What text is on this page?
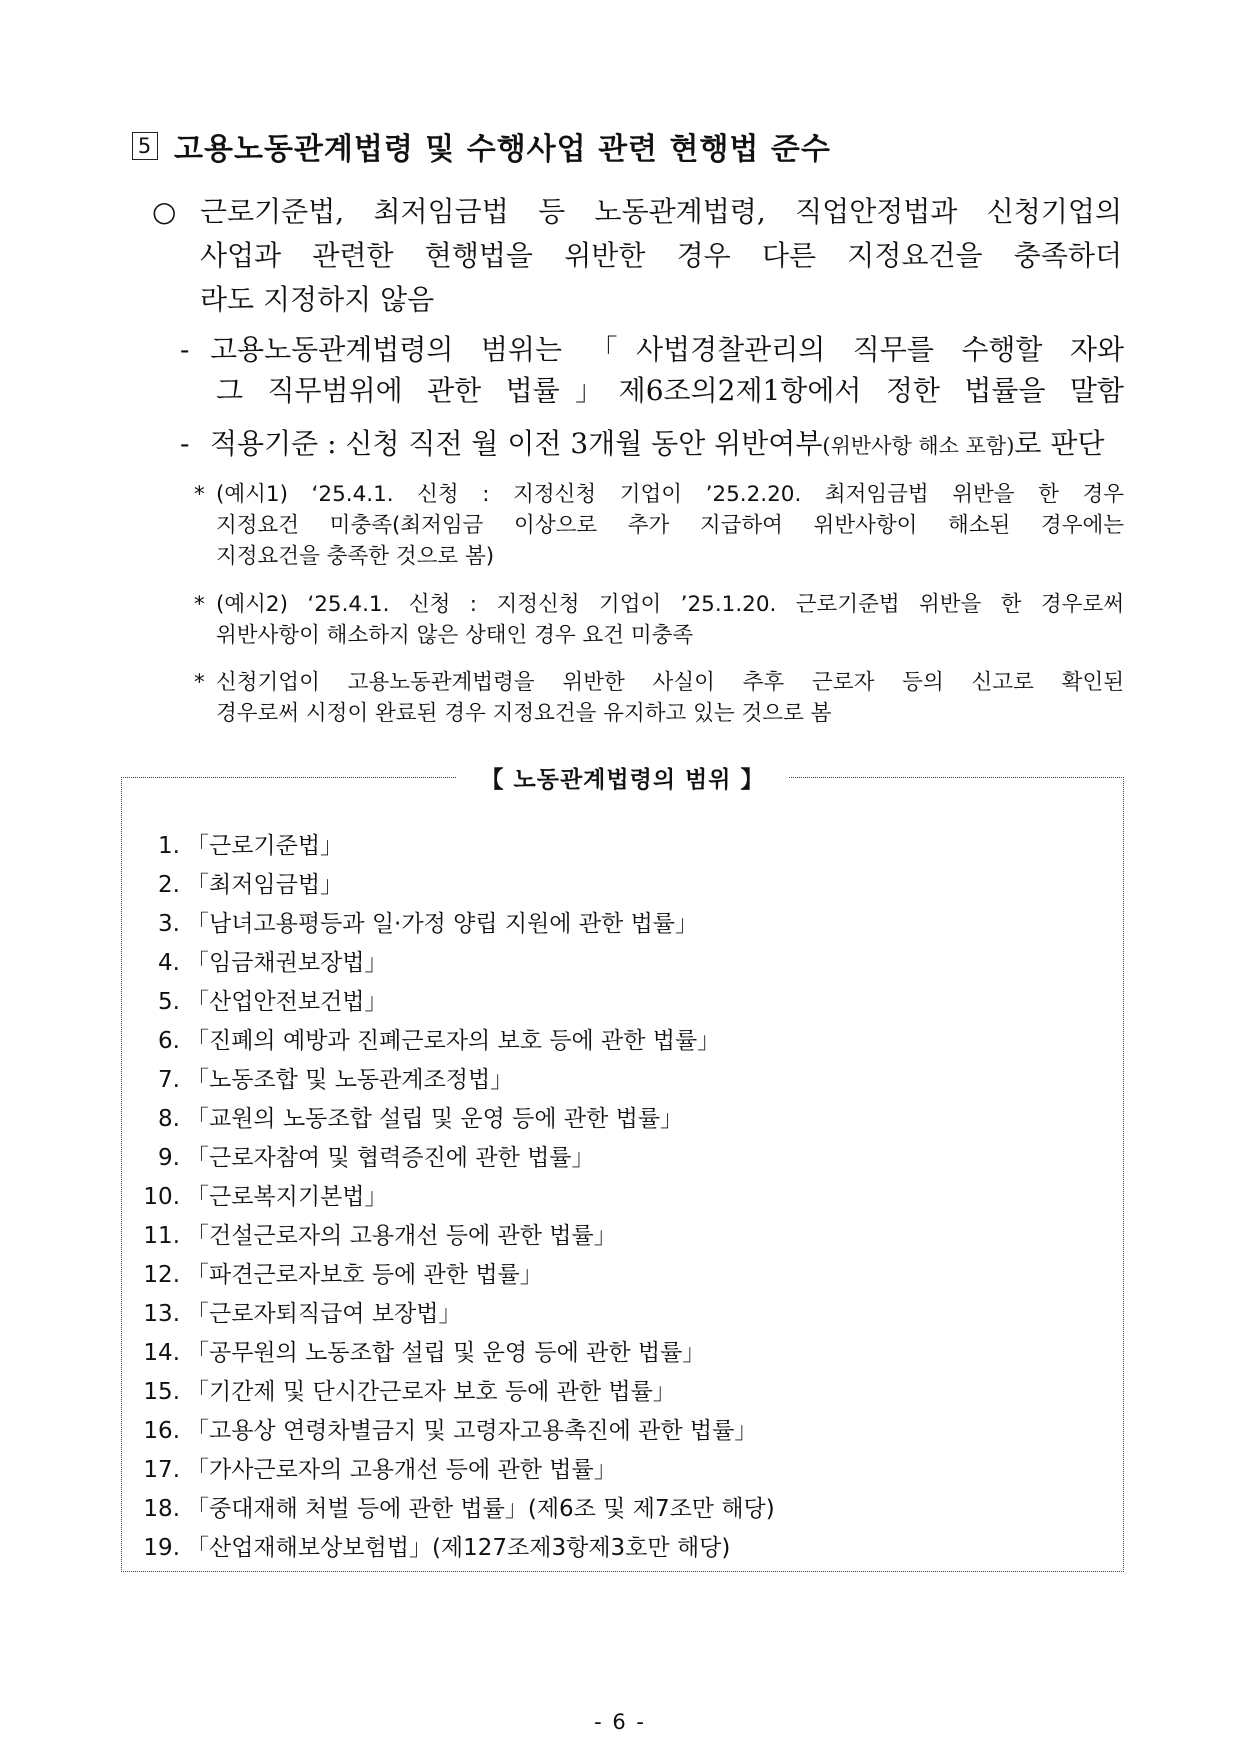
5 고용노동관계법령 및 수행사업 관련 현행법 준수
○ 근로기준법, 최저임금법 등 노동관계법령, 직업안정법과 신청기업의
사업과 관련한 현행법을 위반한 경우 다른 지정요건을 충족하더
라도 지정하지 않음
- 고용노동관계법령의 범위는 「사법경찰관리의 직무를 수행할 자와
그 직무범위에 관한 법률」제6조의2제1항에서 정한 법률을 말함
- 적용기준 : 신청 직전 월 이전 3개월 동안 위반여부(위반사항 해소 포함)로 판단
* (예시1) ‘25.4.1. 신청 : 지정신청 기업이 ’25.2.20. 최저임금법 위반을 한 경우
지정요건 미충족(최저임금 이상으로 추가 지급하여 위반사항이 해소된 경우에는
지정요건을 충족한 것으로 봄)
* (예시2) ‘25.4.1. 신청 : 지정신청 기업이 ’25.1.20. 근로기준법 위반을 한 경우로써
위반사항이 해소하지 않은 상태인 경우 요건 미충족
* 신청기업이 고용노동관계법령을 위반한 사실이 추후 근로자 등의 신고로 확인된
경우로써 시정이 완료된 경우 지정요건을 유지하고 있는 것으로 봄
【 노동관계법령의 범위 】
1. 「근로기준법」
2. 「최저임금법」
3. 「남녀고용평등과 일·가정 양립 지원에 관한 법률」
4. 「임금채권보장법」
5. 「산업안전보건법」
6. 「진폐의 예방과 진폐근로자의 보호 등에 관한 법률」
7. 「노동조합 및 노동관계조정법」
8. 「교원의 노동조합 설립 및 운영 등에 관한 법률」
9. 「근로자참여 및 협력증진에 관한 법률」
10. 「근로복지기본법」
11. 「건설근로자의 고용개선 등에 관한 법률」
12. 「파견근로자보호 등에 관한 법률」
13. 「근로자퇴직급여 보장법」
14. 「공무원의 노동조합 설립 및 운영 등에 관한 법률」
15. 「기간제 및 단시간근로자 보호 등에 관한 법률」
16. 「고용상 연령차별금지 및 고령자고용촉진에 관한 법률」
17. 「가사근로자의 고용개선 등에 관한 법률」
18. 「중대재해 처벌 등에 관한 법률」(제6조 및 제7조만 해당)
19. 「산업재해보상보험법」(제127조제3항제3호만 해당)
- 6 -
